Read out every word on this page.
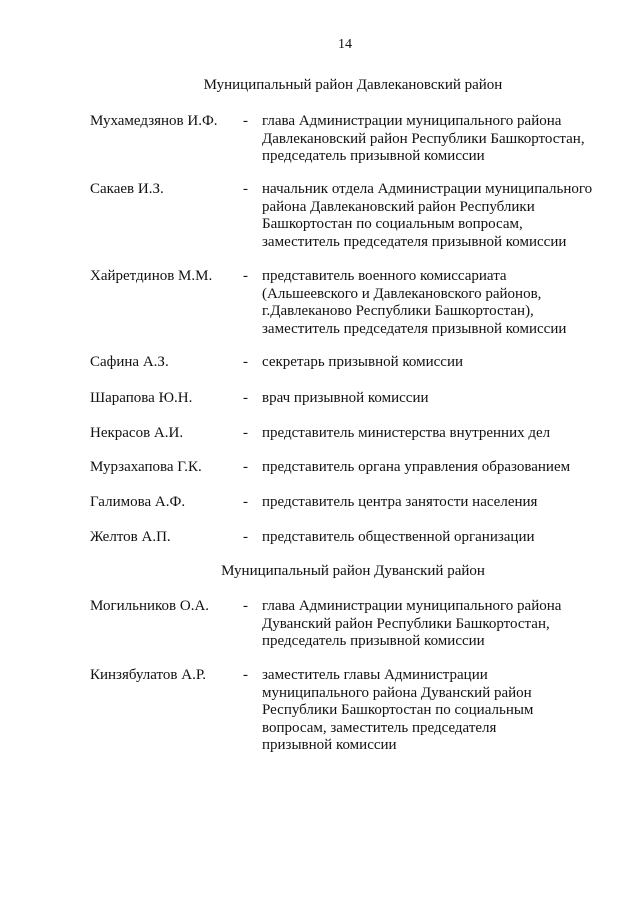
14
Муниципальный район Давлекановский район
Мухамедзянов И.Ф.	- глава Администрации муниципального района
Давлекановский район Республики Башкортостан,
председатель призывной комиссии
Сакаев И.З.	- начальник отдела Администрации муниципального
района Давлекановский район Республики
Башкортостан по социальным вопросам,
заместитель председателя призывной комиссии
Хайретдинов М.М.	- представитель военного комиссариата
(Альшеевского и Давлекановского районов,
г.Давлеканово Республики Башкортостан),
заместитель председателя призывной комиссии
Сафина А.З.	- секретарь призывной комиссии
Шарапова Ю.Н.	- врач призывной комиссии
Некрасов А.И.	- представитель министерства внутренних дел
Мурзахапова Г.К.	- представитель органа управления образованием
Галимова А.Ф.	- представитель центра занятости населения
Желтов А.П.	- представитель общественной организации
Муниципальный район Дуванский район
Могильников О.А.	- глава Администрации муниципального района
Дуванский район Республики Башкортостан,
председатель призывной комиссии
Кинзябулатов А.Р.	- заместитель главы Администрации
муниципального района Дуванский район
Республики Башкортостан по социальным
вопросам, заместитель председателя
призывной комиссии
